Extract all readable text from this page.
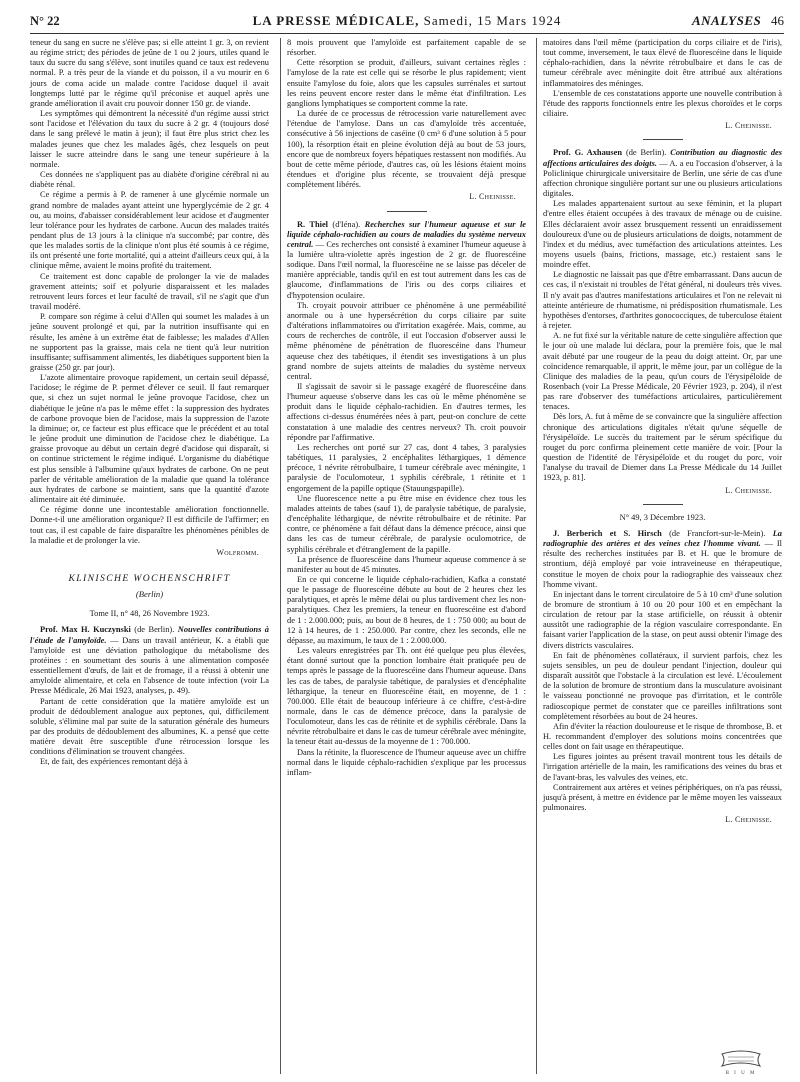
N° 22	LA PRESSE MÉDICALE, Samedi, 15 Mars 1924	ANALYSES 46

teneur du sang en sucre ne s'élève pas; si elle atteint 1 gr. 3, on revient au régime strict; des périodes de jeûne de 1 ou 2 jours, utiles quand le taux du sucre du sang s'élève, sont inutiles quand ce taux est redevenu normal. P. a très peur de la viande et du poisson, il a vu mourir en 6 jours de coma acide un malade contre l'acidose duquel il avait longtemps lutté par le régime qu'il préconise et auquel après une grande amélioration il avait cru pouvoir donner 150 gr. de viande.

Les symptômes qui démontrent la nécessité d'un régime aussi strict sont l'acidose et l'élévation du taux du sucre à 2 gr. 4 (toujours dosé dans le sang prélevé le matin à jeun); il faut être plus strict chez les malades jeunes que chez les malades âgés, chez lesquels on peut laisser le sucre atteindre dans le sang une teneur supérieure à la normale.

Ces données ne s'appliquent pas au diabète d'origine cérébral ni au diabète rénal.

Ce régime a permis à P. de ramener à une glycémie normale un grand nombre de malades ayant atteint une hyperglycémie de 2 gr. 4 ou, au moins, d'abaisser considérablement leur acidose et d'augmenter leur tolérance pour les hydrates de carbone. Aucun des malades traités pendant plus de 13 jours à la clinique n'a succombé; par contre, dès que les malades sortis de la clinique n'ont plus été soumis à ce régime, ils ont présenté une forte mortalité, qui a atteint d'ailleurs ceux qui, à la clinique même, avaient le moins profité du traitement.

Ce traitement est donc capable de prolonger la vie de malades gravement atteints; soif et polyurie disparaissent et les malades retrouvent leurs forces et leur faculté de travail, s'il ne s'agit que d'un travail modéré.

P. compare son régime à celui d'Allen qui soumet les malades à un jeûne souvent prolongé et qui, par la nutrition insuffisante qui en résulte, les amène à un extrême état de faiblesse; les malades d'Allen ne supportent pas la graisse, mais cela ne tient qu'à leur nutrition insuffisante; suffisamment alimentés, les diabétiques supportent bien la graisse (250 gr. par jour).

L'azote alimentaire provoque rapidement, un certain seuil dépassé, l'acidose; le régime de P. permet d'élever ce seuil. Il faut remarquer que, si chez un sujet normal le jeûne provoque l'acidose, chez un diabétique le jeûne n'a pas le même effet : la suppression des hydrates de carbone provoque bien de l'acidose, mais la suppression de l'azote la diminue; or, ce facteur est plus efficace que le précédent et au total le jeûne produit une diminution de l'acidose chez le diabétique. La graisse provoque au début un certain degré d'acidose qui disparaît, si on continue strictement le régime indiqué. L'organisme du diabétique est plus sensible à l'albumine qu'aux hydrates de carbone. On ne peut parler de véritable amélioration de la maladie que quand la tolérance aux hydrates de carbone se maintient, sans que la quantité d'azote alimentaire ait été diminuée.

Ce régime donne une incontestable amélioration fonctionnelle. Donne-t-il une amélioration organique? Il est difficile de l'affirmer; en tout cas, il est capable de faire disparaître les phénomènes pénibles de la maladie et de prolonger la vie.

Wolfromm.
KLINISCHE WOCHENSCHRIFT
(Berlin)
Tome II, n° 48, 26 Novembre 1923.

Prof. Max H. Kuczynski (de Berlin). Nouvelles contributions à l'étude de l'amyloïde. — Dans un travail antérieur, K. a établi que l'amyloïde est une déviation pathologique du métabolisme des protéines : en soumettant des souris à une alimentation composée essentiellement d'œufs, de lait et de fromage, il a réussi à obtenir une amyloïde alimentaire, et cela en l'absence de toute infection (voir La Presse Médicale, 26 Mai 1923, analyses, p. 49).

Partant de cette considération que la matière amyloïde est un produit de dédoublement analogue aux peptones, qui, difficilement soluble, s'élimine mal par suite de la saturation générale des humeurs par des produits de dédoublement des albumines, K. a pensé que cette matière devait être susceptible d'une rétrocession lorsque les conditions d'élimination se trouvent changées.

Et, de fait, des expériences remontant déjà à

8 mois prouvent que l'amyloïde est parfaitement capable de se résorber.

Cette résorption se produit, d'ailleurs, suivant certaines règles : l'amylose de la rate est celle qui se résorbe le plus rapidement; vient ensuite l'amylose du foie, alors que les capsules surrénales et surtout les reins peuvent encore rester dans le même état d'infiltration. Les ganglions lymphatiques se comportent comme la rate.

La durée de ce processus de rétrocession varie naturellement avec l'étendue de l'amylose. Dans un cas d'amyloïde très accentuée, consécutive à 56 injections de caséine (0 cm³ 6 d'une solution à 5 pour 100), la résorption était en pleine évolution déjà au bout de 53 jours, encore que de nombreux foyers hépatiques restassent non modifiés. Au bout de cette même période, d'autres cas, où les lésions étaient moins étendues et d'origine plus récente, se trouvaient déjà presque complètement libérés.

L. Cheinisse.

R. Thiel (d'Iéna). Recherches sur l'humeur aqueuse et sur le liquide céphalo-rachidien au cours de maladies du système nerveux central. — Ces recherches ont consisté à examiner l'humeur aqueuse à la lumière ultra-violette après ingestion de 2 gr. de fluorescéine sodique. Dans l'œil normal, la fluorescéine ne se laisse pas déceler de manière appréciable, tandis qu'il en est tout autrement dans les cas de glaucome, d'inflammations de l'iris ou des corps ciliaires et d'hypotension oculaire.

Th. croyait pouvoir attribuer ce phénomène à une perméabilité anormale ou à une hypersécrétion du corps ciliaire par suite d'altérations inflammatoires ou d'irritation exagérée. Mais, comme, au cours de recherches de contrôle, il eut l'occasion d'observer aussi le même phénomène de pénétration de fluorescéine dans l'humeur aqueuse chez des tabétiques, il étendit ses investigations à un plus grand nombre de sujets atteints de maladies du système nerveux central.

Il s'agissait de savoir si le passage exagéré de fluorescéine dans l'humeur aqueuse s'observe dans les cas où le même phénomène se produit dans le liquide céphalo-rachidien. En d'autres termes, les affections ci-dessus énumérées nées à part, peut-on conclure de cette constatation à une maladie des centres nerveux? Th. croit pouvoir répondre par l'affirmative.

Les recherches ont porté sur 27 cas, dont 4 tabes, 3 paralysies tabétiques, 11 paralysies, 2 encéphalites léthargiques, 1 démence précoce, 1 névrite rétrobulbaire, 1 tumeur cérébrale avec méningite, 1 paralysie de l'oculomoteur, 1 syphilis cérébrale, 1 rétinite et 1 engorgement de la papille optique (Stauungspapille).

Une fluorescence nette a pu être mise en évidence chez tous les malades atteints de tabes (sauf 1), de paralysie tabétique, de paralysie, d'encéphalite léthargique, de névrite rétrobulbaire et de rétinite. Par contre, ce phénomène a fait défaut dans la démence précoce, ainsi que dans les cas de tumeur cérébrale, de paralysie oculomotrice, de syphilis cérébrale et d'étranglement de la papille.

La présence de fluorescéine dans l'humeur aqueuse commence à se manifester au bout de 45 minutes.

En ce qui concerne le liquide céphalo-rachidien, Kafka a constaté que le passage de fluorescéine débute au bout de 2 heures chez les paralytiques, et après le même délai ou plus tardivement chez les non-paralytiques. Chez les premiers, la teneur en fluorescéine est d'abord de 1 : 2.000.000; puis, au bout de 8 heures, de 1 : 750 000; au bout de 12 à 14 heures, de 1 : 250.000. Par contre, chez les seconds, elle ne dépasse, au maximum, le taux de 1 : 2.000.000.

Les valeurs enregistrées par Th. ont été quelque peu plus élevées, étant donné surtout que la ponction lombaire était pratiquée peu de temps après le passage de la fluorescéine dans l'humeur aqueuse. Dans les cas de tabes, de paralysie tabétique, de paralysies et d'encéphalite léthargique, la teneur en fluorescéine était, en moyenne, de 1 : 700.000. Elle était de beaucoup inférieure à ce chiffre, c'est-à-dire normale, dans le cas de démence précoce, dans la paralysie de l'oculomoteur, dans les cas de rétinite et de syphilis cérébrale. Dans la névrite rétrobulbaire et dans le cas de tumeur cérébrale avec méningite, la teneur était au-dessus de la moyenne de 1 : 700.000.

Dans la rétinite, la fluorescence de l'humeur aqueuse avec un chiffre normal dans le liquide céphalo-rachidien s'explique par les processus inflam-

matoires dans l'œil même (participation du corps ciliaire et de l'iris), tout comme, inversement, le taux élevé de fluorescéine dans le liquide céphalo-rachidien, dans la névrite rétrobulbaire et dans le cas de tumeur cérébrale avec méningite doit être attribué aux altérations inflammatoires des méninges.

L'ensemble de ces constatations apporte une nouvelle contribution à l'étude des rapports fonctionnels entre les plexus choroïdes et le corps ciliaire.

L. Cheinisse.

Prof. G. Axhausen (de Berlin). Contribution au diagnostic des affections articulaires des doigts. — A. a eu l'occasion d'observer, à la Policlinique chirurgicale universitaire de Berlin, une série de cas d'une affection chronique singulière portant sur une ou plusieurs articulations digitales.

Les malades appartenaient surtout au sexe féminin, et la plupart d'entre elles étaient occupées à des travaux de ménage ou de cuisine. Elles déclaraient avoir assez brusquement ressenti un enraidissement douloureux d'une ou de plusieurs articulations de doigts, notamment de l'index et du médius, avec tuméfaction des articulations atteintes. Les moyens usuels (bains, frictions, massage, etc.) restaient sans le moindre effet.

Le diagnostic ne laissait pas que d'être embarrassant. Dans aucun de ces cas, il n'existait ni troubles de l'état général, ni douleurs très vives. Il n'y avait pas d'autres manifestations articulaires et l'on ne relevait ni atteinte antérieure de rhumatisme, ni prédisposition rhumatismale. Les hypothèses d'entorses, d'arthrites gonococciques, de tuberculose étaient à rejeter.

A. ne fut fixé sur la véritable nature de cette singulière affection que le jour où une malade lui déclara, pour la première fois, que le mal avait débuté par une rougeur de la peau du doigt atteint. Or, par une coïncidence remarquable, il apprit, le même jour, par un collègue de la Clinique des maladies de la peau, qu'un cours de l'érysipéloïde de Rosenbach (voir La Presse Médicale, 20 Février 1923, p. 204), il n'est pas rare d'observer des tuméfactions articulaires, particulièrement tenaces.

Dès lors, A. fut à même de se convaincre que la singulière affection chronique des articulations digitales n'était qu'une séquelle de l'érysipéloïde. Le succès du traitement par le sérum spécifique du rouget du porc confirma pleinement cette manière de voir. [Pour la question de l'identité de l'érysipéloïde et du rouget du porc, voir l'analyse du travail de Diemer dans La Presse Médicale du 14 Juillet 1923, p. 81].

L. Cheinisse.
N° 49, 3 Décembre 1923.

J. Berberich et S. Hirsch (de Francfort-sur-le-Mein). La radiographie des artères et des veines chez l'homme vivant. — Il résulte des recherches instituées par B. et H. que le bromure de strontium, déjà employé par voie intraveineuse en thérapeutique, constitue le moyen de choix pour la radiographie des vaisseaux chez l'homme vivant.

En injectant dans le torrent circulatoire de 5 à 10 cm³ d'une solution de bromure de strontium à 10 ou 20 pour 100 et en empêchant la circulation de retour par la stase artificielle, on réussit à obtenir aussitôt une radiographie de la région vasculaire correspondante. En faisant varier l'application de la stase, on peut aussi obtenir l'image des divers districts vasculaires.

En fait de phénomènes collatéraux, il survient parfois, chez les sujets sensibles, un peu de douleur pendant l'injection, douleur qui disparaît aussitôt que l'obstacle à la circulation est levé. L'écoulement de la solution de bromure de strontium dans la musculature avoisinant le vaisseau ponctionné ne provoque pas d'irritation, et le contrôle radioscopique permet de constater que ce pareilles infiltrations sont complètement résorbées au bout de 24 heures.

Afin d'éviter la réaction douloureuse et le risque de thrombose, B. et H. recommandent d'employer des solutions moins concentrées que celles dont on fait usage en thérapeutique.

Les figures jointes au présent travail montrent tous les détails de l'irrigation artérielle de la main, les ramifications des veines du bras et de l'avant-bras, les valvules des veines, etc.

Contrairement aux artères et veines périphériques, on n'a pas réussi, jusqu'à présent, à mettre en évidence par le même moyen les vaisseaux pulmonaires.

L. Cheinisse.
B I U M
